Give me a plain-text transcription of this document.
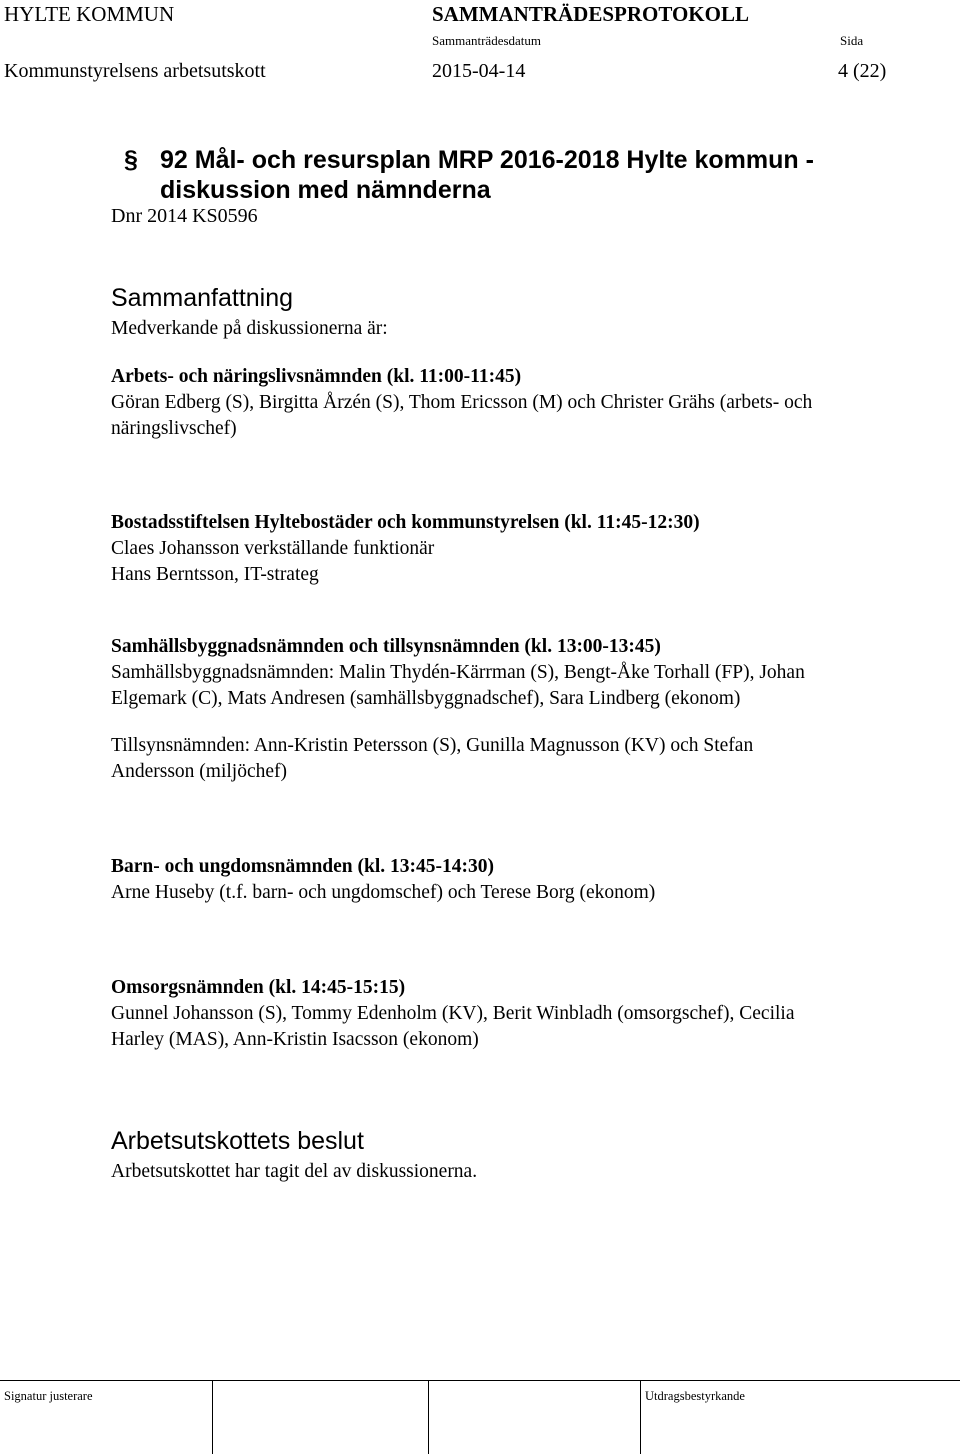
HYLTE KOMMUN	SAMMANTRÄDESPROTOKOLL
Sammanträdesdatum	Sida
Kommunstyrelsens arbetsutskott	2015-04-14	4 (22)
§ 92 Mål- och resursplan MRP 2016-2018 Hylte kommun -
diskussion med nämnderna
Dnr 2014 KS0596
Sammanfattning
Medverkande på diskussionerna är:
Arbets- och näringslivsnämnden (kl. 11:00-11:45)
Göran Edberg (S), Birgitta Årzén (S), Thom Ericsson (M) och Christer Grähs (arbets- och
näringslivschef)
Bostadsstiftelsen Hyltebostäder och kommunstyrelsen (kl. 11:45-12:30)
Claes Johansson verkställande funktionär
Hans Berntsson, IT-strateg
Samhällsbyggnadsnämnden och tillsynsnämnden (kl. 13:00-13:45)
Samhällsbyggnadsnämnden: Malin Thydén-Kärrman (S), Bengt-Åke Torhall (FP), Johan
Elgemark (C), Mats Andresen (samhällsbyggnadschef), Sara Lindberg (ekonom)
Tillsynsnämnden: Ann-Kristin Petersson (S), Gunilla Magnusson (KV) och Stefan
Andersson (miljöchef)
Barn- och ungdomsnämnden (kl. 13:45-14:30)
Arne Huseby (t.f. barn- och ungdomschef) och Terese Borg (ekonom)
Omsorgsnämnden (kl. 14:45-15:15)
Gunnel Johansson (S), Tommy Edenholm (KV), Berit Winbladh (omsorgschef), Cecilia
Harley (MAS), Ann-Kristin Isacsson (ekonom)
Arbetsutskottets beslut
Arbetsutskottet har tagit del av diskussionerna.
Signatur justerare	Utdragsbestyrkande
